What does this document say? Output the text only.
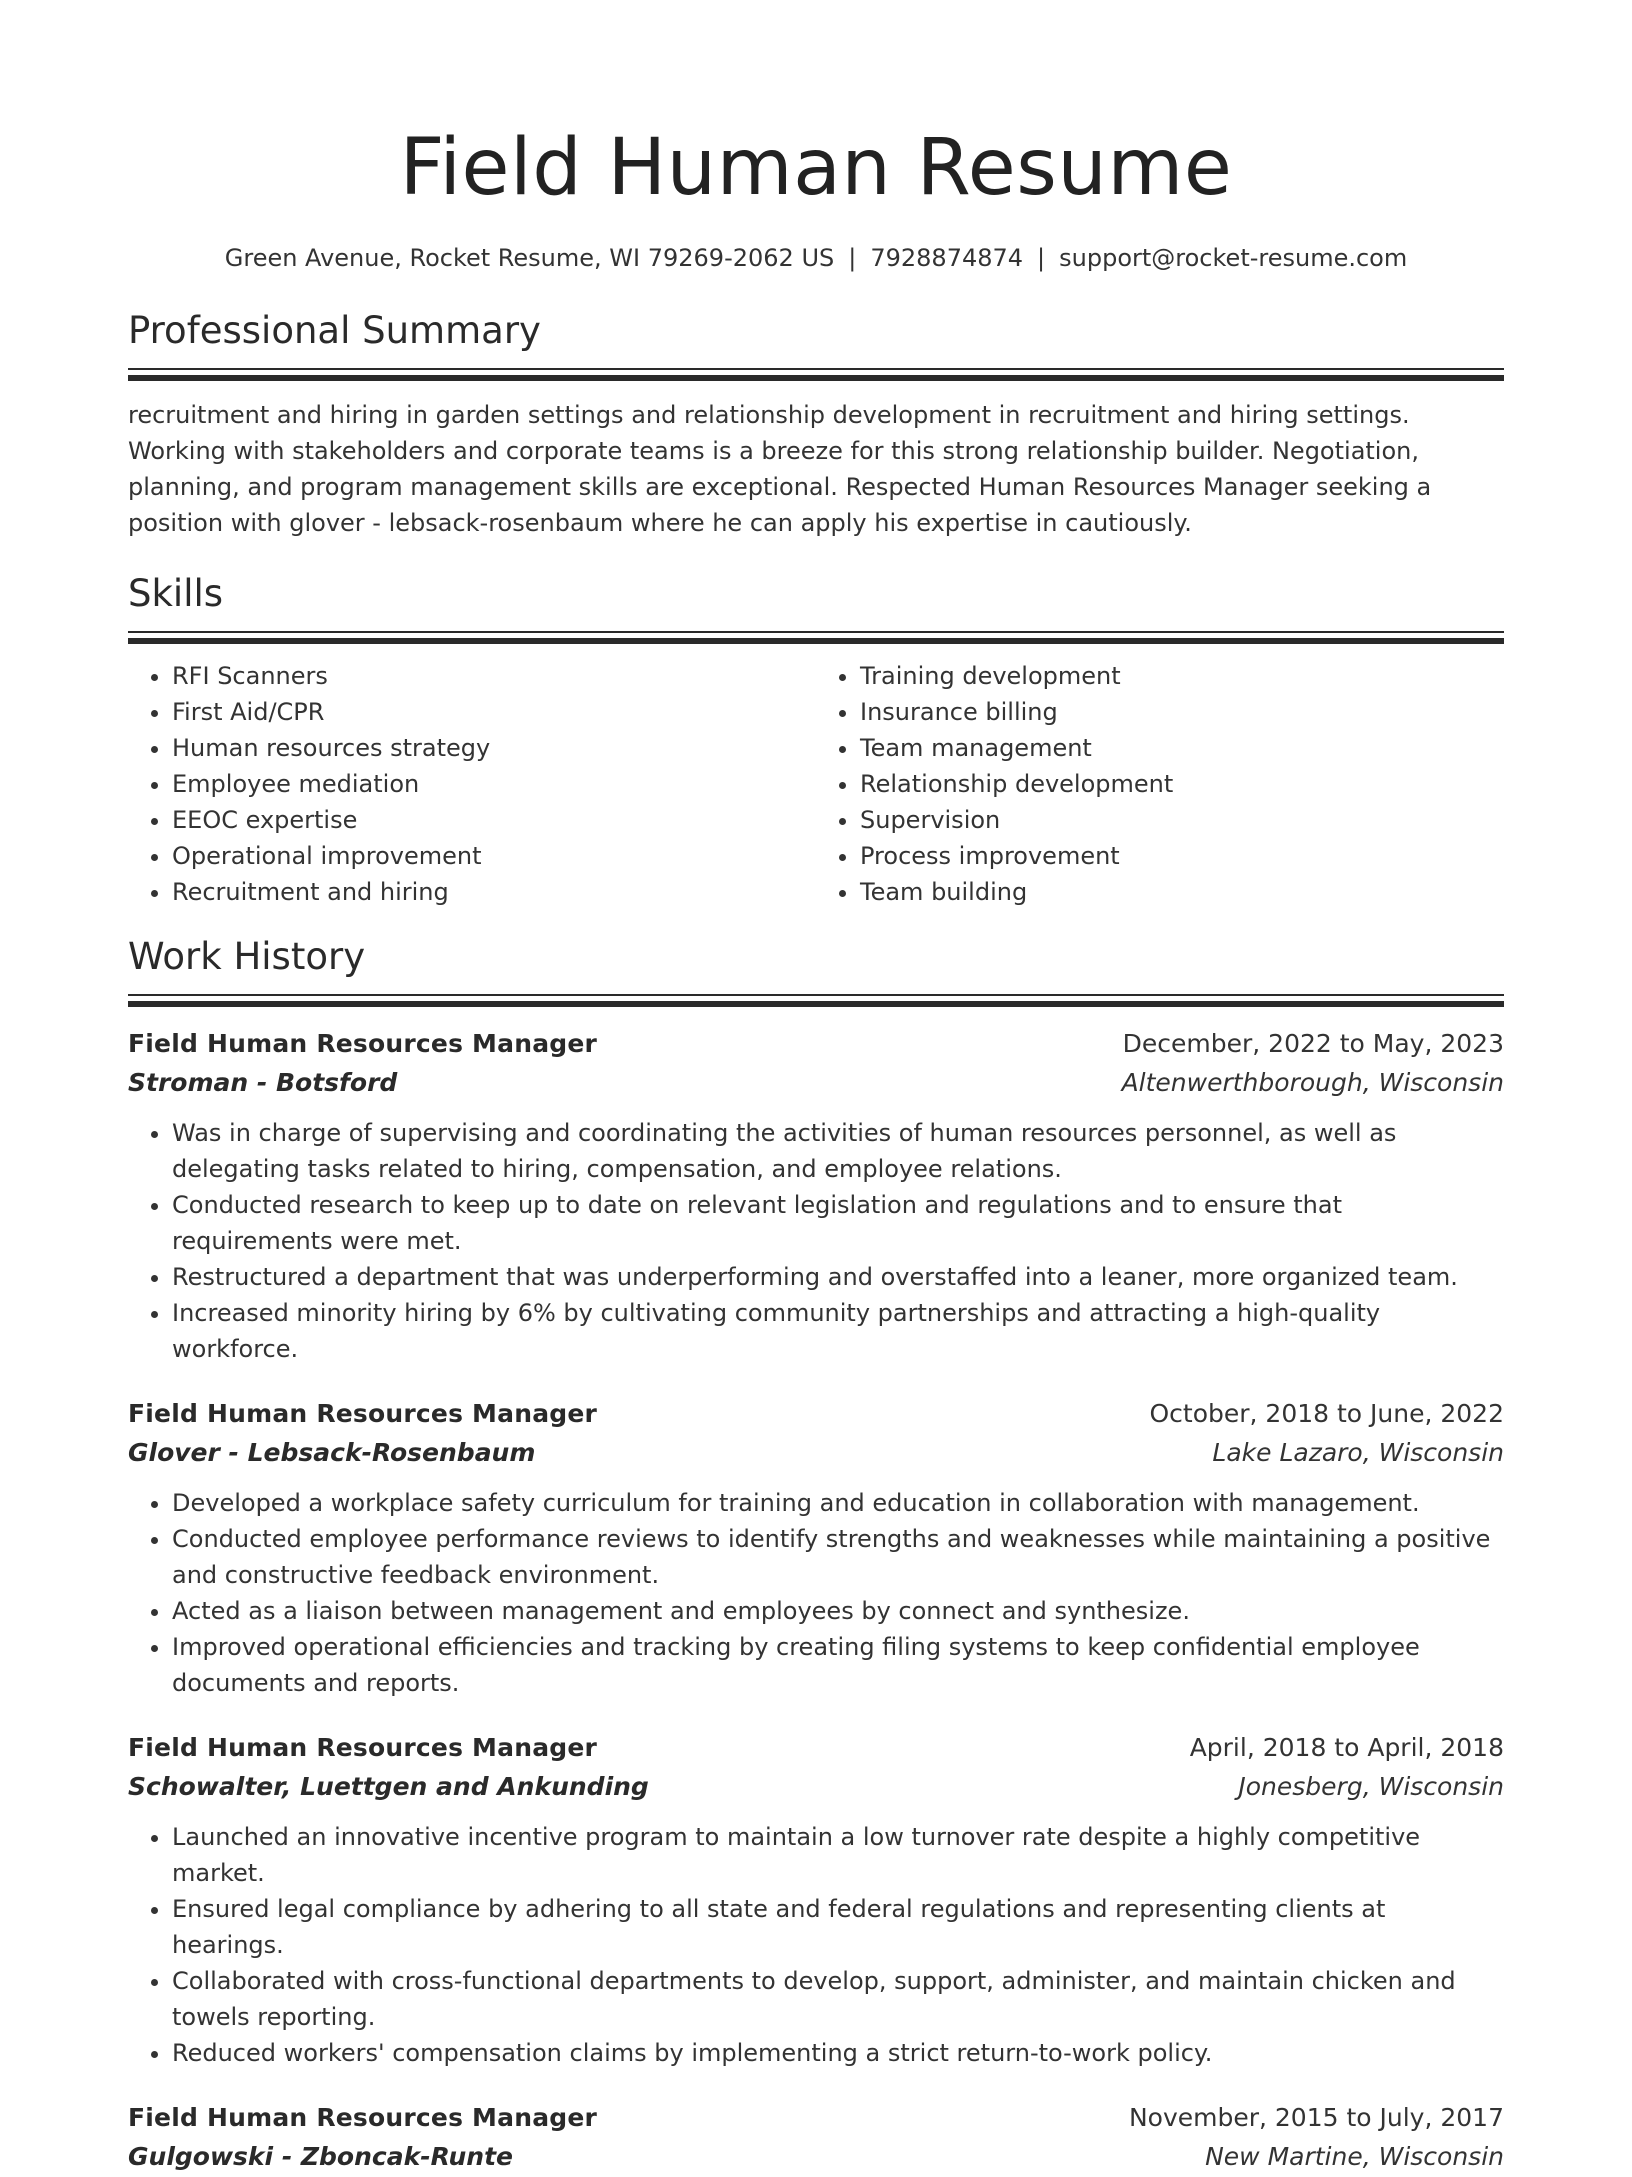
Field Human Resume
Green Avenue, Rocket Resume, WI 79269-2062 US | 7928874874 | support@rocket-resume.com
Professional Summary
recruitment and hiring in garden settings and relationship development in recruitment and hiring settings. Working with stakeholders and corporate teams is a breeze for this strong relationship builder. Negotiation, planning, and program management skills are exceptional. Respected Human Resources Manager seeking a position with glover - lebsack-rosenbaum where he can apply his expertise in cautiously.
Skills
• RFI Scanners
• First Aid/CPR
• Human resources strategy
• Employee mediation
• EEOC expertise
• Operational improvement
• Recruitment and hiring
• Training development
• Insurance billing
• Team management
• Relationship development
• Supervision
• Process improvement
• Team building
Work History
Field Human Resources Manager	December, 2022 to May, 2023
Stroman - Botsford	Altenwerthborough, Wisconsin
• Was in charge of supervising and coordinating the activities of human resources personnel, as well as delegating tasks related to hiring, compensation, and employee relations.
• Conducted research to keep up to date on relevant legislation and regulations and to ensure that requirements were met.
• Restructured a department that was underperforming and overstaffed into a leaner, more organized team.
• Increased minority hiring by 6% by cultivating community partnerships and attracting a high-quality workforce.
Field Human Resources Manager	October, 2018 to June, 2022
Glover - Lebsack-Rosenbaum	Lake Lazaro, Wisconsin
• Developed a workplace safety curriculum for training and education in collaboration with management.
• Conducted employee performance reviews to identify strengths and weaknesses while maintaining a positive and constructive feedback environment.
• Acted as a liaison between management and employees by connect and synthesize.
• Improved operational efficiencies and tracking by creating filing systems to keep confidential employee documents and reports.
Field Human Resources Manager	April, 2018 to April, 2018
Schowalter, Luettgen and Ankunding	Jonesberg, Wisconsin
• Launched an innovative incentive program to maintain a low turnover rate despite a highly competitive market.
• Ensured legal compliance by adhering to all state and federal regulations and representing clients at hearings.
• Collaborated with cross-functional departments to develop, support, administer, and maintain chicken and towels reporting.
• Reduced workers' compensation claims by implementing a strict return-to-work policy.
Field Human Resources Manager	November, 2015 to July, 2017
Gulgowski - Zboncak-Runte	New Martine, Wisconsin
